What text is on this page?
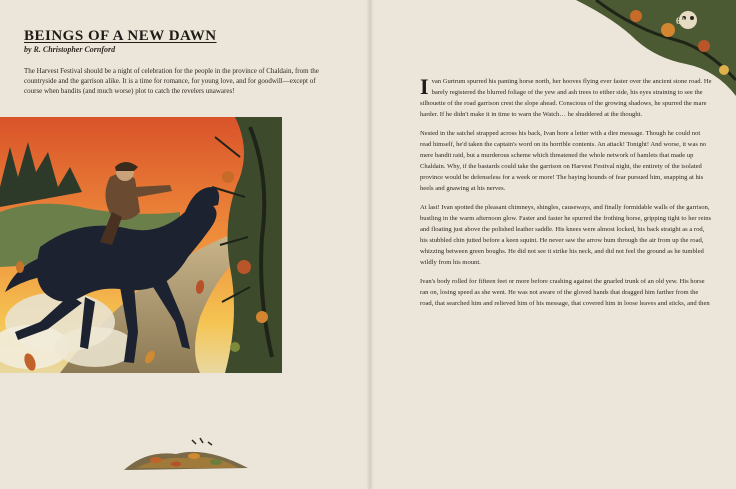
BEINGS OF A NEW DAWN
by R. Christopher Cornford

The Harvest Festival should be a night of celebration for the people in the province of Chaldain, from the countryside and the garrison alike. It is a time for romance, for young love, and for goodwill—except of course when bandits (and much worse) plot to catch the revelers unawares!	Ivan Gurtrum spurred his panting horse north, her hooves flying ever faster over the ancient stone road. He barely registered the blurred foliage of the yew and ash trees to either side, his eyes straining to see the silhouette of the road garrison crest the slope ahead. Conscious of the growing shadows, he spurred the mare harder. If he didn't make it in time to warn the Watch… he shuddered at the thought.

Nested in the satchel strapped across his back, Ivan bore a letter with a dire message. Though he could not read himself, he'd taken the captain's word on its horrible contents. An attack! Tonight! And worse, it was no mere bandit raid, but a murderous scheme which threatened the whole network of hamlets that made up Chaldain. Why, if the bastards could take the garrison on Harvest Festival night, the entirety of the isolated province would be defenseless for a week or more! The baying hounds of fear pursued him, snapping at his heels and gnawing at his nerves.

At last! Ivan spotted the pleasant chimneys, shingles, causeways, and finally formidable walls of the garrison, bustling in the warm afternoon glow. Faster and faster he spurred the frothing horse, gripping tight to her reins and floating just above the polished leather saddle. His knees were almost locked, his back straight as a rod, his stubbled chin jutted before a keen squint. He never saw the arrow hum through the air from up the road, whizzing between green boughs. He did not see it strike his neck, and did not feel the ground as he tumbled wildly from his mount.

Ivan's body rolled for fifteen feet or more before crashing against the gnarled trunk of an old yew. His horse ran on, losing speed as she went. He was not aware of the gloved hands that dragged him farther from the road, that searched him and relieved him of his message, that covered him in loose leaves and sticks, and then

69
